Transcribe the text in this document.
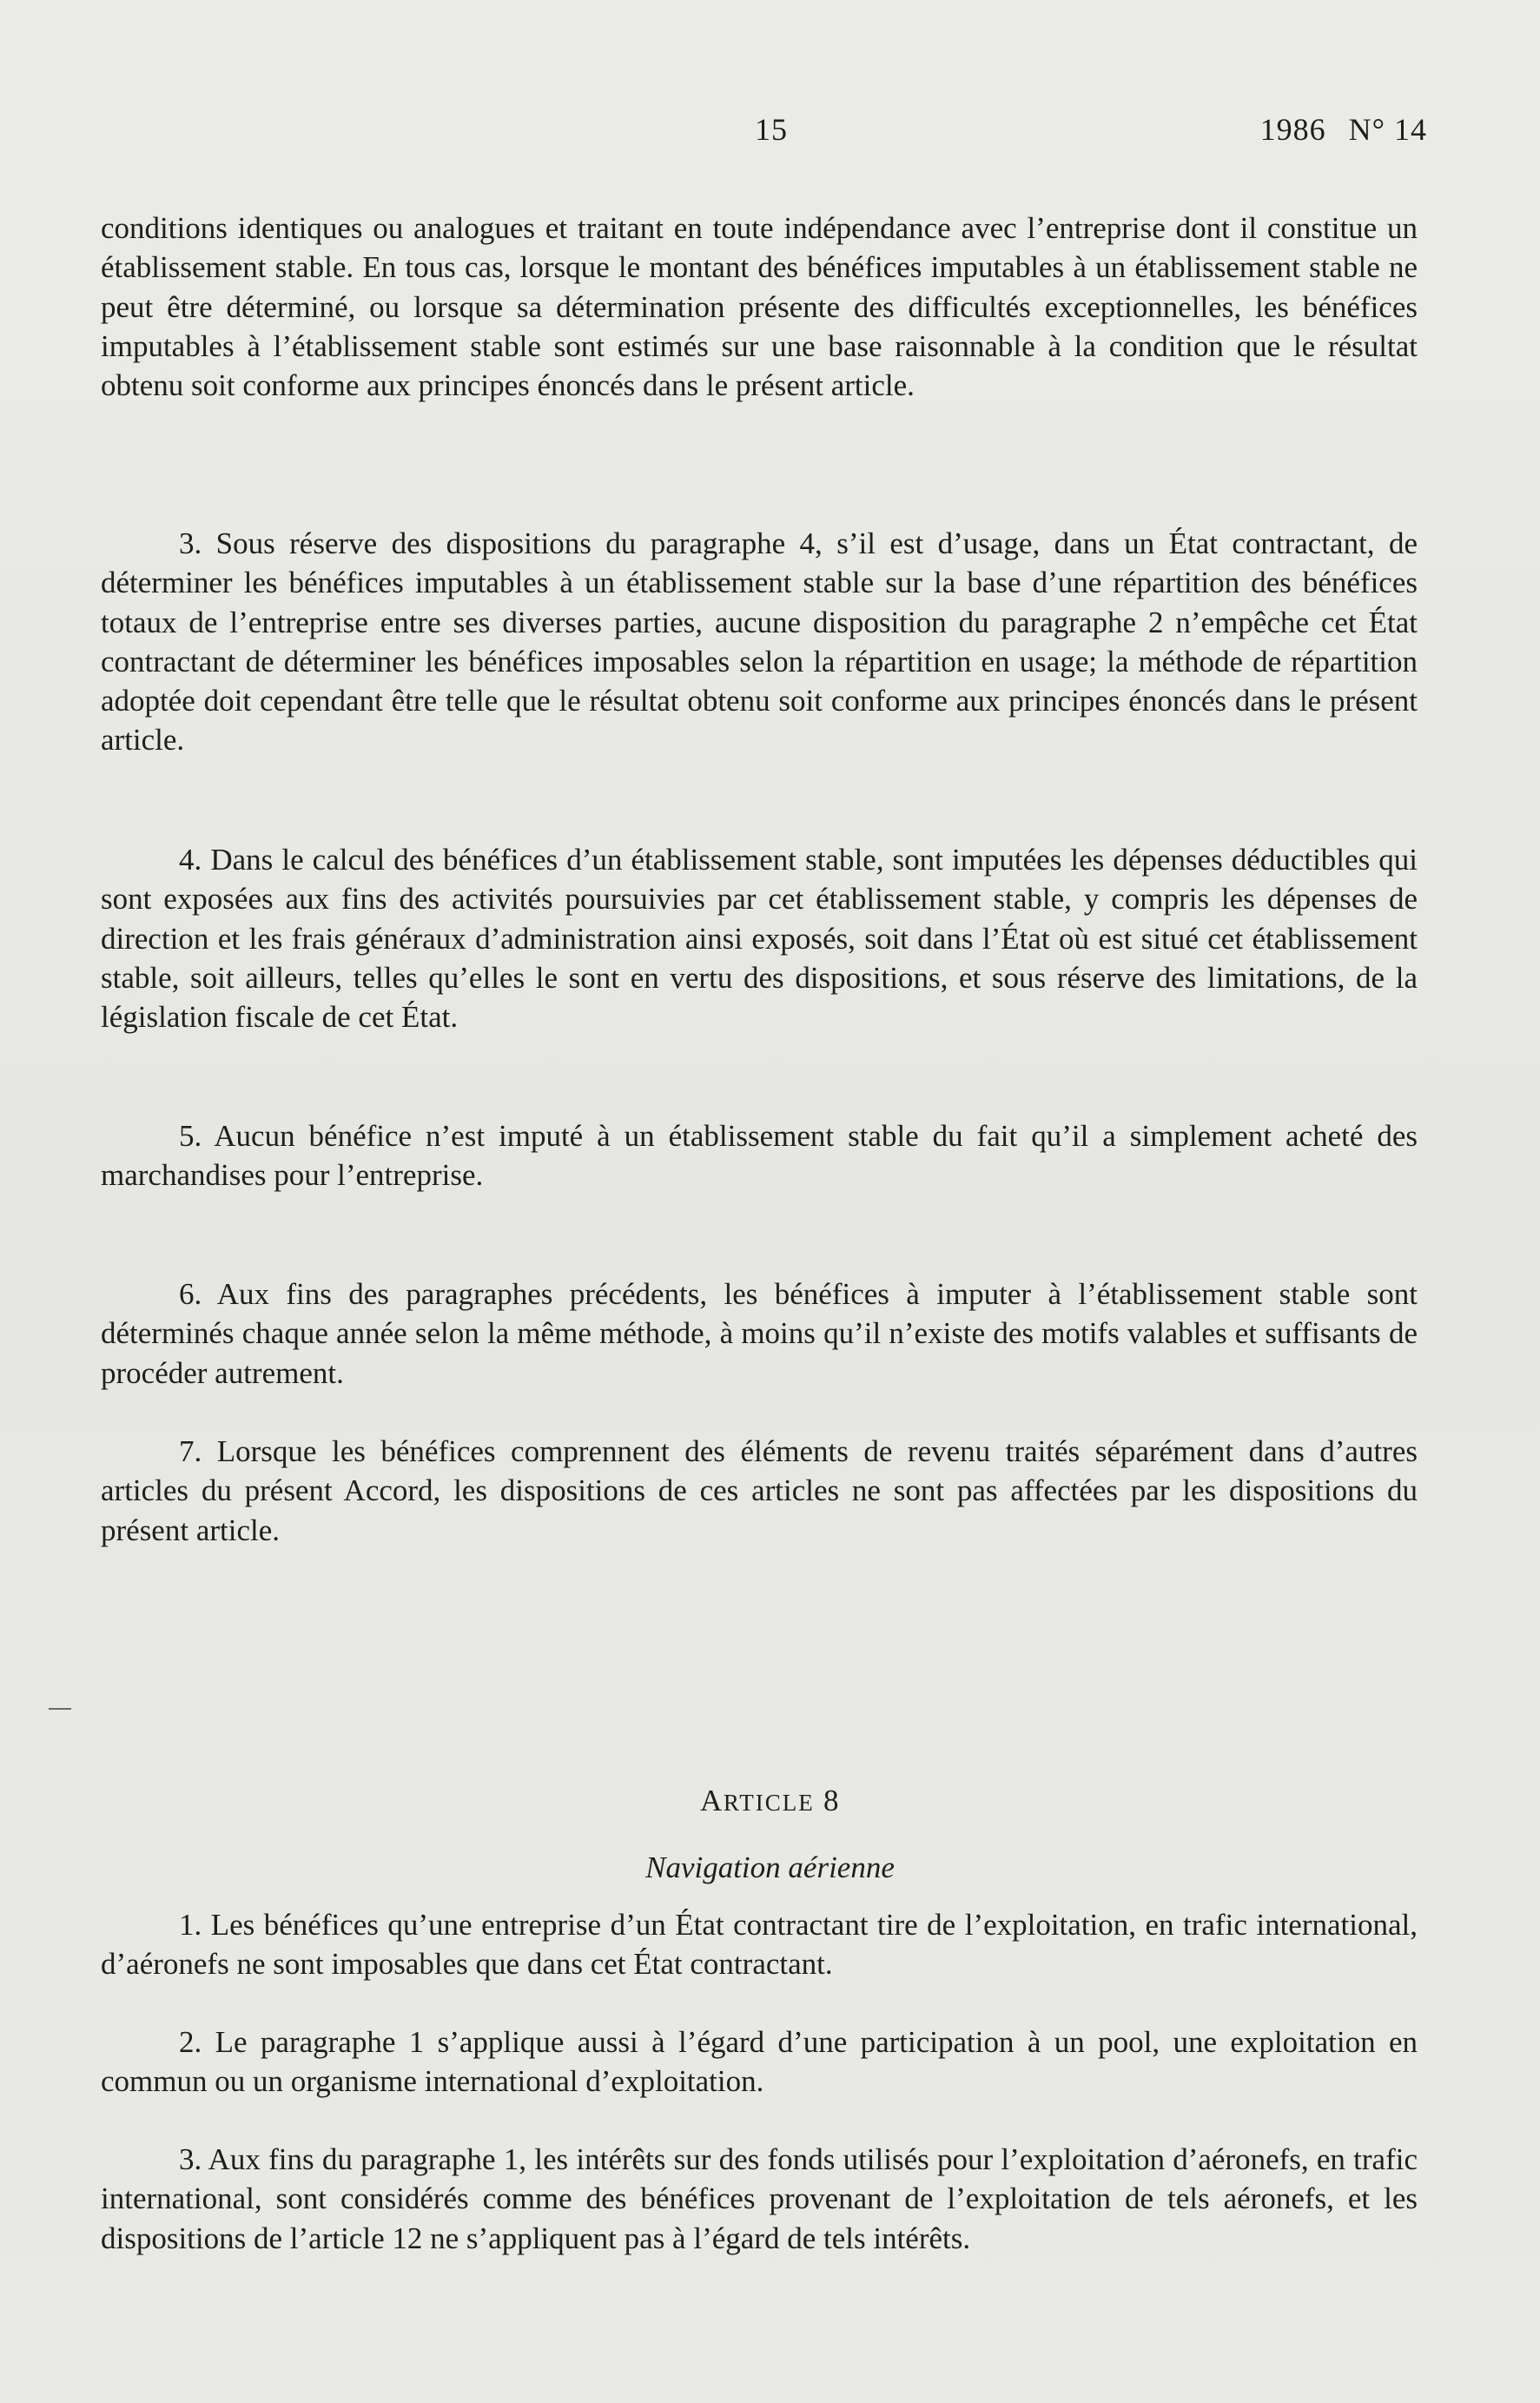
15	1986 N° 14

conditions identiques ou analogues et traitant en toute indépendance avec l’entreprise dont il constitue un établissement stable. En tous cas, lorsque le montant des bénéfices imputables à un établissement stable ne peut être déterminé, ou lorsque sa détermination présente des difficultés exceptionnelles, les bénéfices imputables à l’établissement stable sont estimés sur une base raisonnable à la condition que le résultat obtenu soit conforme aux principes énoncés dans le présent article.

3. Sous réserve des dispositions du paragraphe 4, s’il est d’usage, dans un État contractant, de déterminer les bénéfices imputables à un établissement stable sur la base d’une répartition des bénéfices totaux de l’entreprise entre ses diverses parties, aucune disposition du paragraphe 2 n’empêche cet État contractant de déterminer les bénéfices imposables selon la répartition en usage; la méthode de répartition adoptée doit cependant être telle que le résultat obtenu soit conforme aux principes énoncés dans le présent article.

4. Dans le calcul des bénéfices d’un établissement stable, sont imputées les dépenses déductibles qui sont exposées aux fins des activités poursuivies par cet établissement stable, y compris les dépenses de direction et les frais généraux d’administration ainsi exposés, soit dans l’État où est situé cet établissement stable, soit ailleurs, telles qu’elles le sont en vertu des dispositions, et sous réserve des limitations, de la législation fiscale de cet État.

5. Aucun bénéfice n’est imputé à un établissement stable du fait qu’il a simplement acheté des marchandises pour l’entreprise.

6. Aux fins des paragraphes précédents, les bénéfices à imputer à l’établissement stable sont déterminés chaque année selon la même méthode, à moins qu’il n’existe des motifs valables et suffisants de procéder autrement.

7. Lorsque les bénéfices comprennent des éléments de revenu traités séparément dans d’autres articles du présent Accord, les dispositions de ces articles ne sont pas affectées par les dispositions du présent article.

ARTICLE 8
Navigation aérienne

1. Les bénéfices qu’une entreprise d’un État contractant tire de l’exploitation, en trafic international, d’aéronefs ne sont imposables que dans cet État contractant.

2. Le paragraphe 1 s’applique aussi à l’égard d’une participation à un pool, une exploitation en commun ou un organisme international d’exploitation.

3. Aux fins du paragraphe 1, les intérêts sur des fonds utilisés pour l’exploitation d’aéronefs, en trafic international, sont considérés comme des bénéfices provenant de l’exploitation de tels aéronefs, et les dispositions de l’article 12 ne s’appliquent pas à l’égard de tels intérêts.
